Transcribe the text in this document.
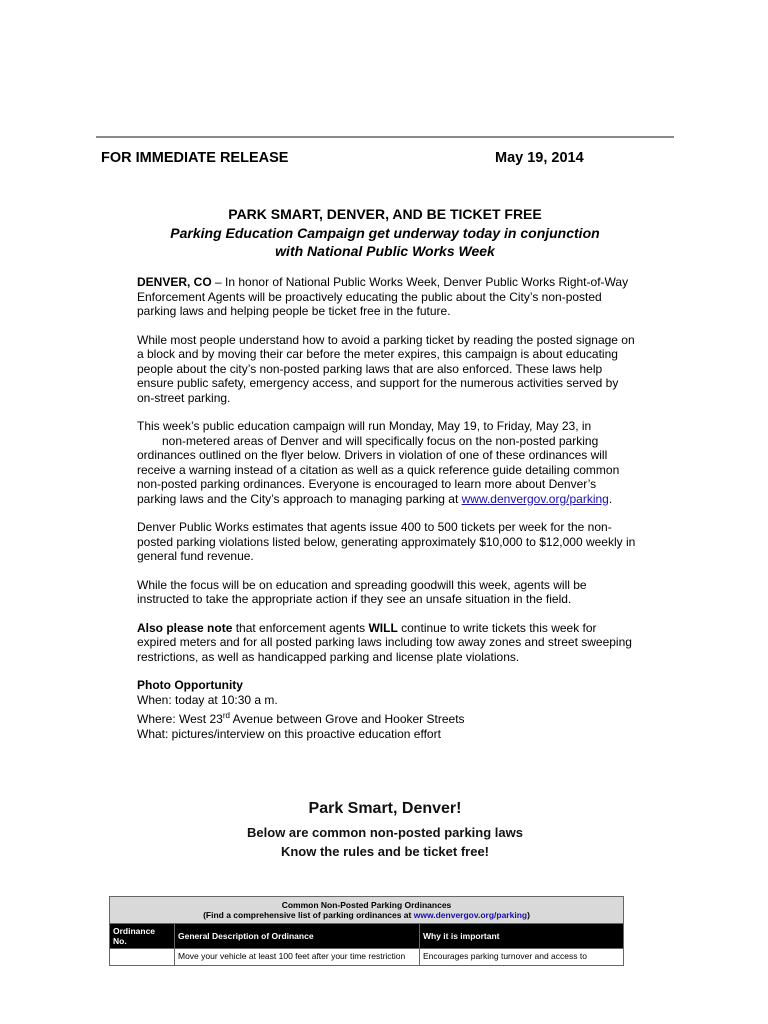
FOR IMMEDIATE RELEASE	May 19, 2014
PARK SMART, DENVER, AND BE TICKET FREE
Parking Education Campaign get underway today in conjunction
with National Public Works Week

DENVER, CO – In honor of National Public Works Week, Denver Public Works Right-of-Way Enforcement Agents will be proactively educating the public about the City’s non-posted parking laws and helping people be ticket free in the future.

While most people understand how to avoid a parking ticket by reading the posted signage on a block and by moving their car before the meter expires, this campaign is about educating people about the city’s non-posted parking laws that are also enforced. These laws help ensure public safety, emergency access, and support for the numerous activities served by on-street parking.

This week’s public education campaign will run Monday, May 19, to Friday, May 23, in
non-metered areas of Denver and will specifically focus on the non-posted parking
ordinances outlined on the flyer below. Drivers in violation of one of these ordinances will receive a warning instead of a citation as well as a quick reference guide detailing common non-posted parking ordinances. Everyone is encouraged to learn more about Denver’s parking laws and the City’s approach to managing parking at www.denvergov.org/parking.

Denver Public Works estimates that agents issue 400 to 500 tickets per week for the non-posted parking violations listed below, generating approximately $10,000 to $12,000 weekly in general fund revenue.

While the focus will be on education and spreading goodwill this week, agents will be instructed to take the appropriate action if they see an unsafe situation in the field.

Also please note that enforcement agents WILL continue to write tickets this week for expired meters and for all posted parking laws including tow away zones and street sweeping restrictions, as well as handicapped parking and license plate violations.

Photo Opportunity
When: today at 10:30 a m.
Where: West 23rd Avenue between Grove and Hooker Streets
What: pictures/interview on this proactive education effort
Park Smart, Denver!
Below are common non-posted parking laws
Know the rules and be ticket free!
Common Non-Posted Parking Ordinances
(Find a comprehensive list of parking ordinances at www.denvergov.org/parking)		

Ordinance No.	General Description of Ordinance	Why it is important
	Move your vehicle at least 100 feet after your time restriction	Encourages parking turnover and access to
